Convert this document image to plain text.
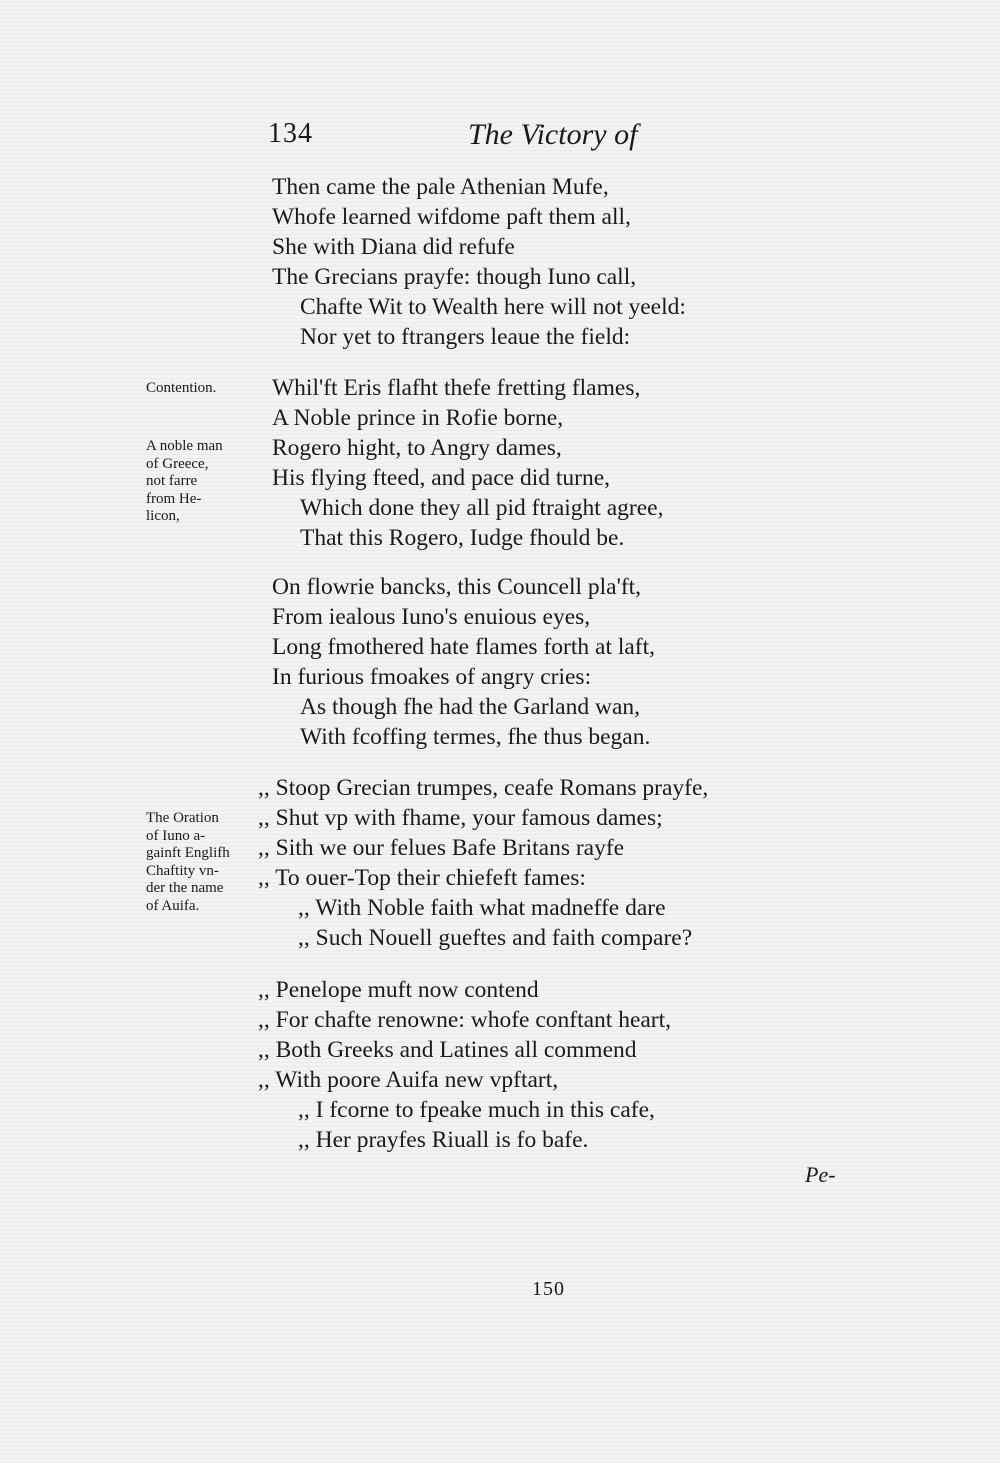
134	The Victory of
Then came the pale Athenian Mufe,
Whofe learned wifdome paft them all,
She with Diana did refufe
The Grecians prayfe: though Iuno call,
Chafte Wit to Wealth here will not yeeld:
Nor yet to ftrangers leaue the field:
Whil'ft Eris flafht thefe fretting flames,
A Noble prince in Rofie borne,
Rogero hight, to Angry dames,
His flying fteed, and pace did turne,
Which done they all pid ftraight agree,
That this Rogero, Iudge fhould be.
On flowrie bancks, this Councell pla'ft,
From iealous Iuno's enuious eyes,
Long fmothered hate flames forth at laft,
In furious fmoakes of angry cries:
As though fhe had the Garland wan,
With fcoffing termes, fhe thus began.
,, Stoop Grecian trumpes, ceafe Romans prayfe,
,, Shut vp with fhame, your famous dames;
,, Sith we our felues Bafe Britans rayfe
,, To ouer-Top their chiefeft fames:
,, With Noble faith what madneffe dare
,, Such Nouell gueftes and faith compare?
,, Penelope muft now contend
,, For chafte renowne: whofe conftant heart,
,, Both Greeks and Latines all commend
,, With poore Auifa new vpftart,
,, I fcorne to fpeake much in this cafe,
,, Her prayfes Riuall is fo bafe.
Contention.
A noble man
of Greece,
not farre
from He-
licon,
The Oration
of Iuno a-
gainft Englifh
Chaftity vn-
der the name
of Auifa.
Pe-
150
